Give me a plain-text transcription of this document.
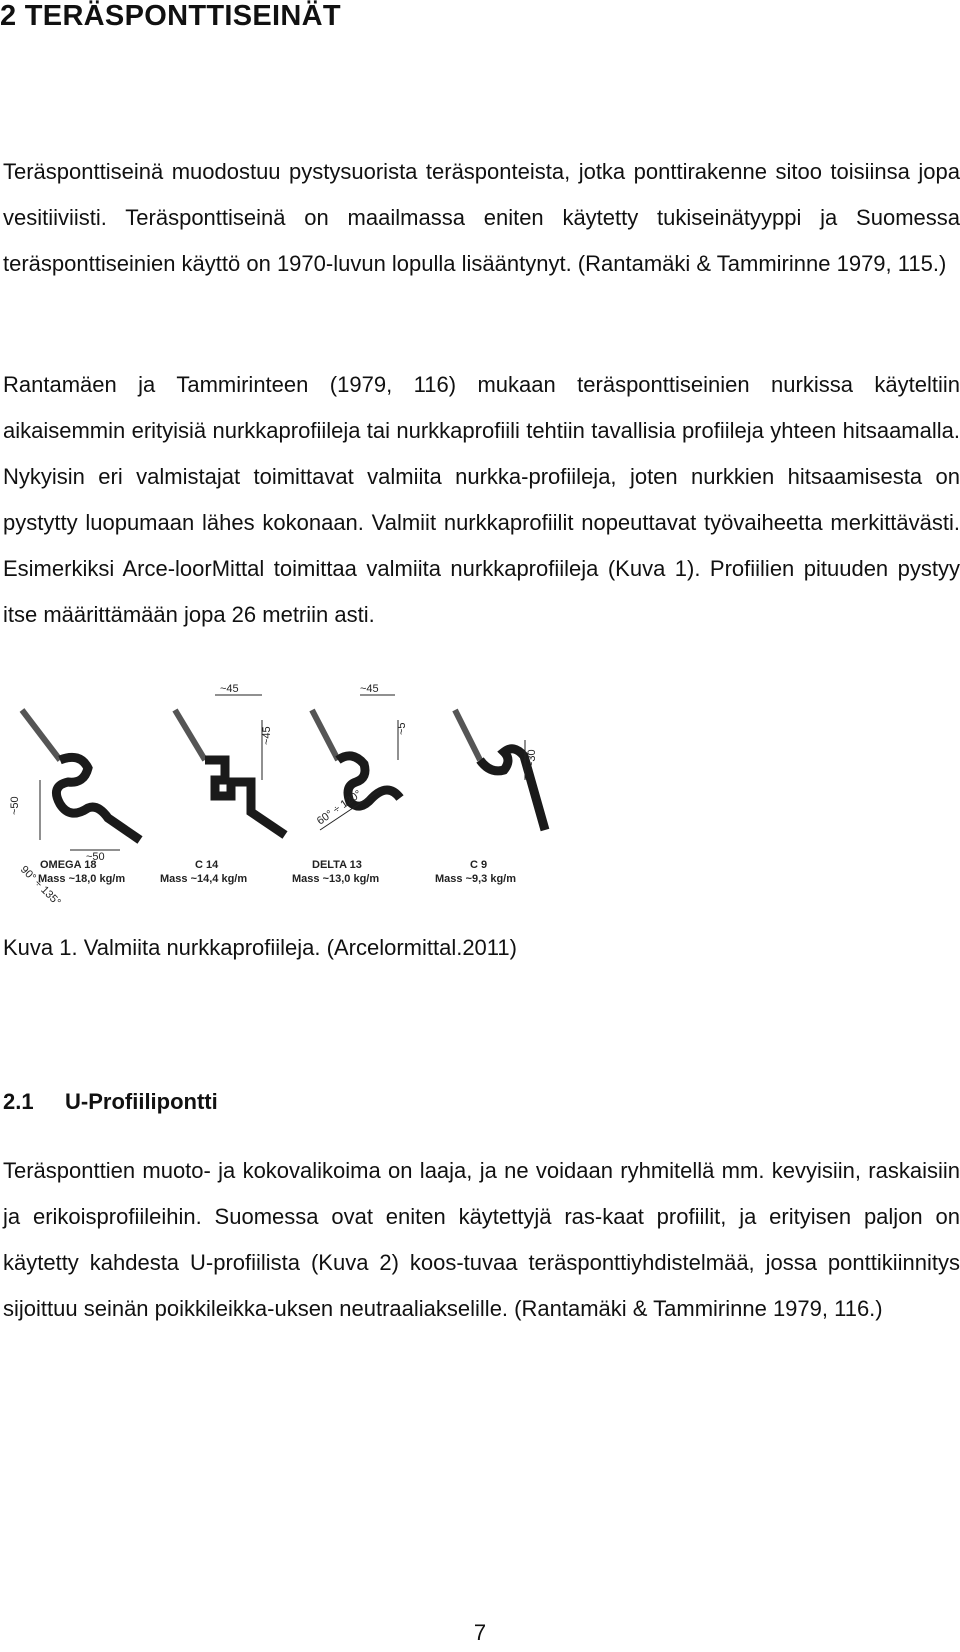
2 TERÄSPONTTISEINÄT

Teräsponttiseinä muodostuu pystysuorista teräsponteista, jotka ponttirakenne sitoo toisiinsa jopa vesitiiviisti. Teräsponttiseinä on maailmassa eniten käytetty tukiseinätyyppi ja Suomessa teräsponttiseinien käyttö on 1970-luvun lopulla lisääntynyt. (Rantamäki & Tammirinne 1979, 115.)

Rantamäen ja Tammirinteen (1979, 116) mukaan teräsponttiseinien nurkissa käyteltiin aikaisemmin erityisiä nurkkaprofiileja tai nurkkaprofiili tehtiin tavallisia profiileja yhteen hitsaamalla. Nykyisin eri valmistajat toimittavat valmiita nurkka-profiileja, joten nurkkien hitsaamisesta on pystytty luopumaan lähes kokonaan. Valmiit nurkkaprofiilit nopeuttavat työvaiheetta merkittävästi. Esimerkiksi Arce-loorMittal toimittaa valmiita nurkkaprofiileja (Kuva 1). Profiilien pituuden pystyy itse määrittämään jopa 26 metriin asti.

~50
~50
90° ÷ 135°
~45
~45
~45
~5
60° ÷ 120°
~30
OMEGA 18
Mass ~18,0 kg/m
C 14
Mass ~14,4 kg/m
DELTA 13
Mass ~13,0 kg/m
C 9
Mass ~9,3 kg/m

Kuva 1. Valmiita nurkkaprofiileja. (Arcelormittal.2011)

2.1 U-Profiilipontti

Teräsponttien muoto- ja kokovalikoima on laaja, ja ne voidaan ryhmitellä mm. kevyisiin, raskaisiin ja erikoisprofiileihin. Suomessa ovat eniten käytettyjä ras-kaat profiilit, ja erityisen paljon on käytetty kahdesta U-profiilista (Kuva 2) koos-tuvaa teräsponttiyhdistelmää, jossa ponttikiinnitys sijoittuu seinän poikkileikka-uksen neutraaliakselille. (Rantamäki & Tammirinne 1979, 116.)

7
